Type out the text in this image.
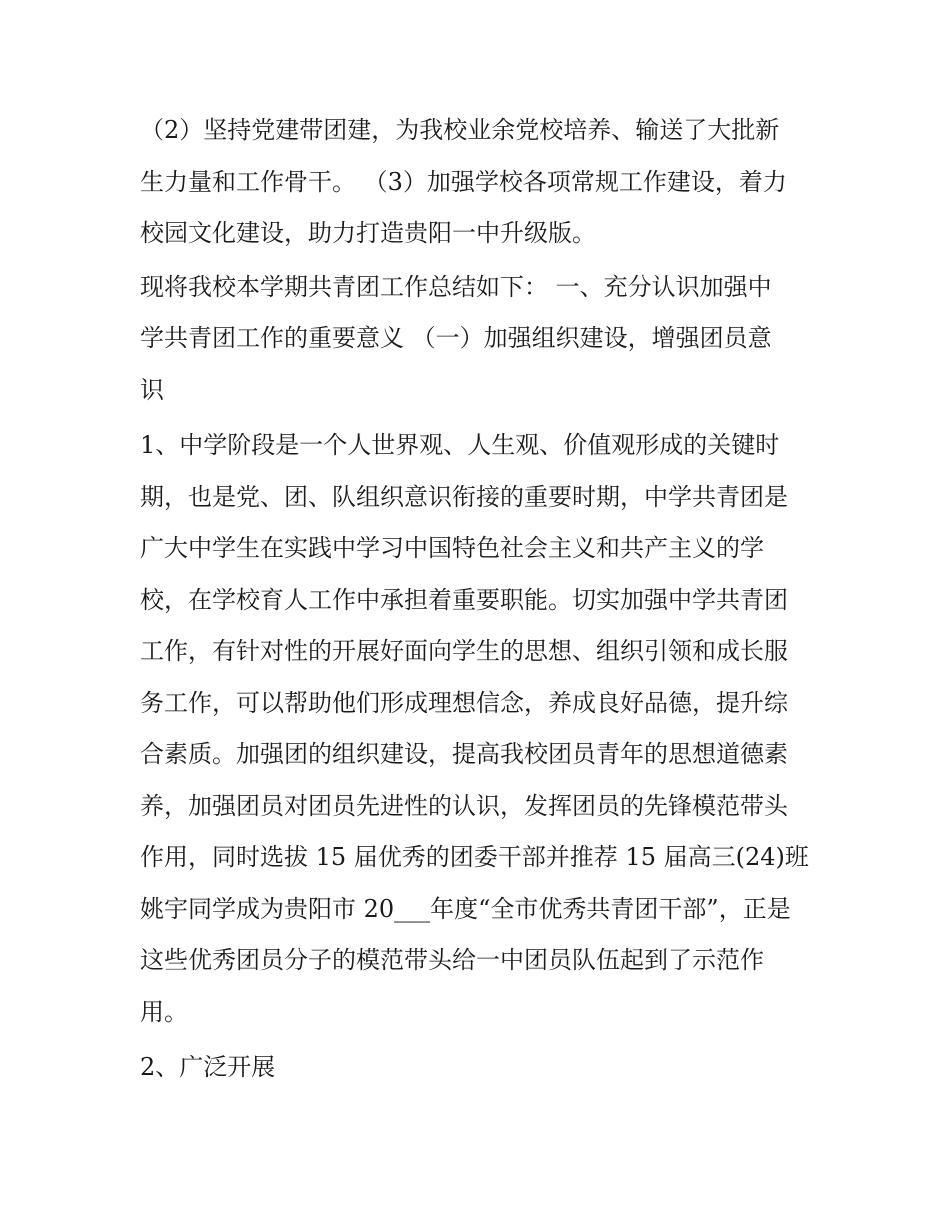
（2）坚持党建带团建，为我校业余党校培养、输送了大批新
生力量和工作骨干。 （3）加强学校各项常规工作建设，着力
校园文化建设，助力打造贵阳一中升级版。
现将我校本学期共青团工作总结如下： 一、充分认识加强中
学共青团工作的重要意义 （一）加强组织建设，增强团员意
识
1、中学阶段是一个人世界观、人生观、价值观形成的关键时
期，也是党、团、队组织意识衔接的重要时期，中学共青团是
广大中学生在实践中学习中国特色社会主义和共产主义的学
校，在学校育人工作中承担着重要职能。切实加强中学共青团
工作，有针对性的开展好面向学生的思想、组织引领和成长服
务工作，可以帮助他们形成理想信念，养成良好品德，提升综
合素质。加强团的组织建设，提高我校团员青年的思想道德素
养，加强团员对团员先进性的认识，发挥团员的先锋模范带头
作用，同时选拔 15 届优秀的团委干部并推荐 15 届高三(24)班
姚宇同学成为贵阳市 20___年度“全市优秀共青团干部”，正是
这些优秀团员分子的模范带头给一中团员队伍起到了示范作
用。
2、广泛开展
